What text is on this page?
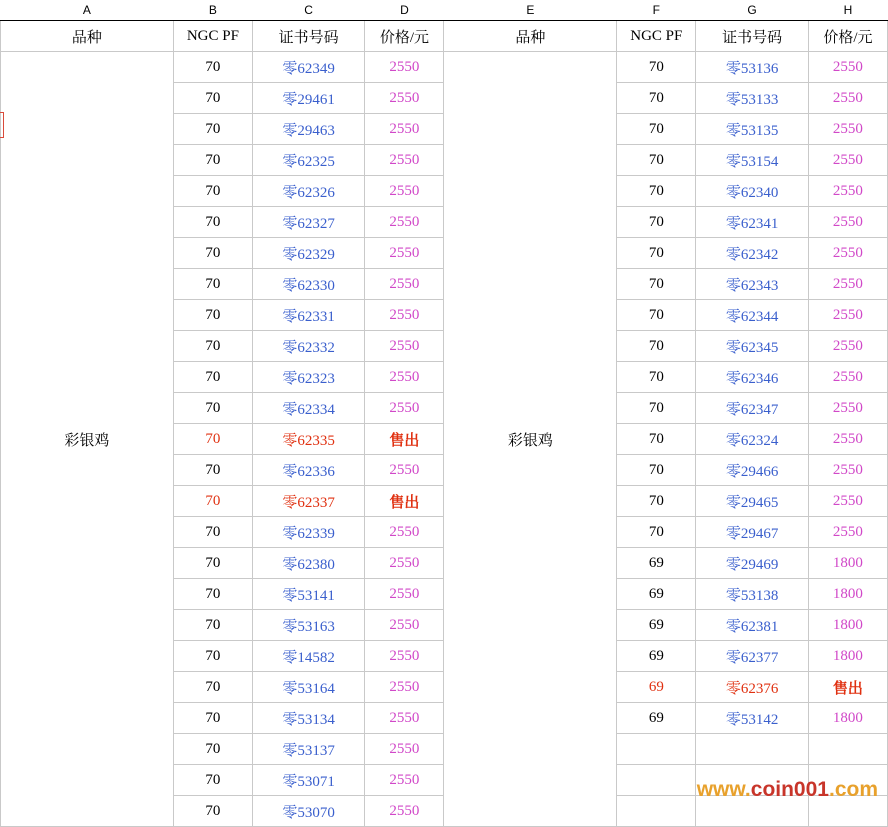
A	B	C	D	E	F	G	H
品种	NGC PF	证书号码	价格/元	品种	NGC PF	证书号码	价格/元
彩银鸡	70	零62349	2550	彩银鸡	70	零53136	2550
	70	零29461	2550		70	零53133	2550
	70	零29463	2550		70	零53135	2550
	70	零62325	2550		70	零53154	2550
	70	零62326	2550		70	零62340	2550
	70	零62327	2550		70	零62341	2550
	70	零62329	2550		70	零62342	2550
	70	零62330	2550		70	零62343	2550
	70	零62331	2550		70	零62344	2550
	70	零62332	2550		70	零62345	2550
	70	零62323	2550		70	零62346	2550
	70	零62334	2550		70	零62347	2550
	70	零62335	售出		70	零62324	2550
	70	零62336	2550		70	零29466	2550
	70	零62337	售出		70	零29465	2550
	70	零62339	2550		70	零29467	2550
	70	零62380	2550		69	零29469	1800
	70	零53141	2550		69	零53138	1800
	70	零53163	2550		69	零62381	1800
	70	零14582	2550		69	零62377	1800
	70	零53164	2550		69	零62376	售出
	70	零53134	2550		69	零53142	1800
	70	零53137	2550				
	70	零53071	2550				
	70	零53070	2550				
www.coin001.com
